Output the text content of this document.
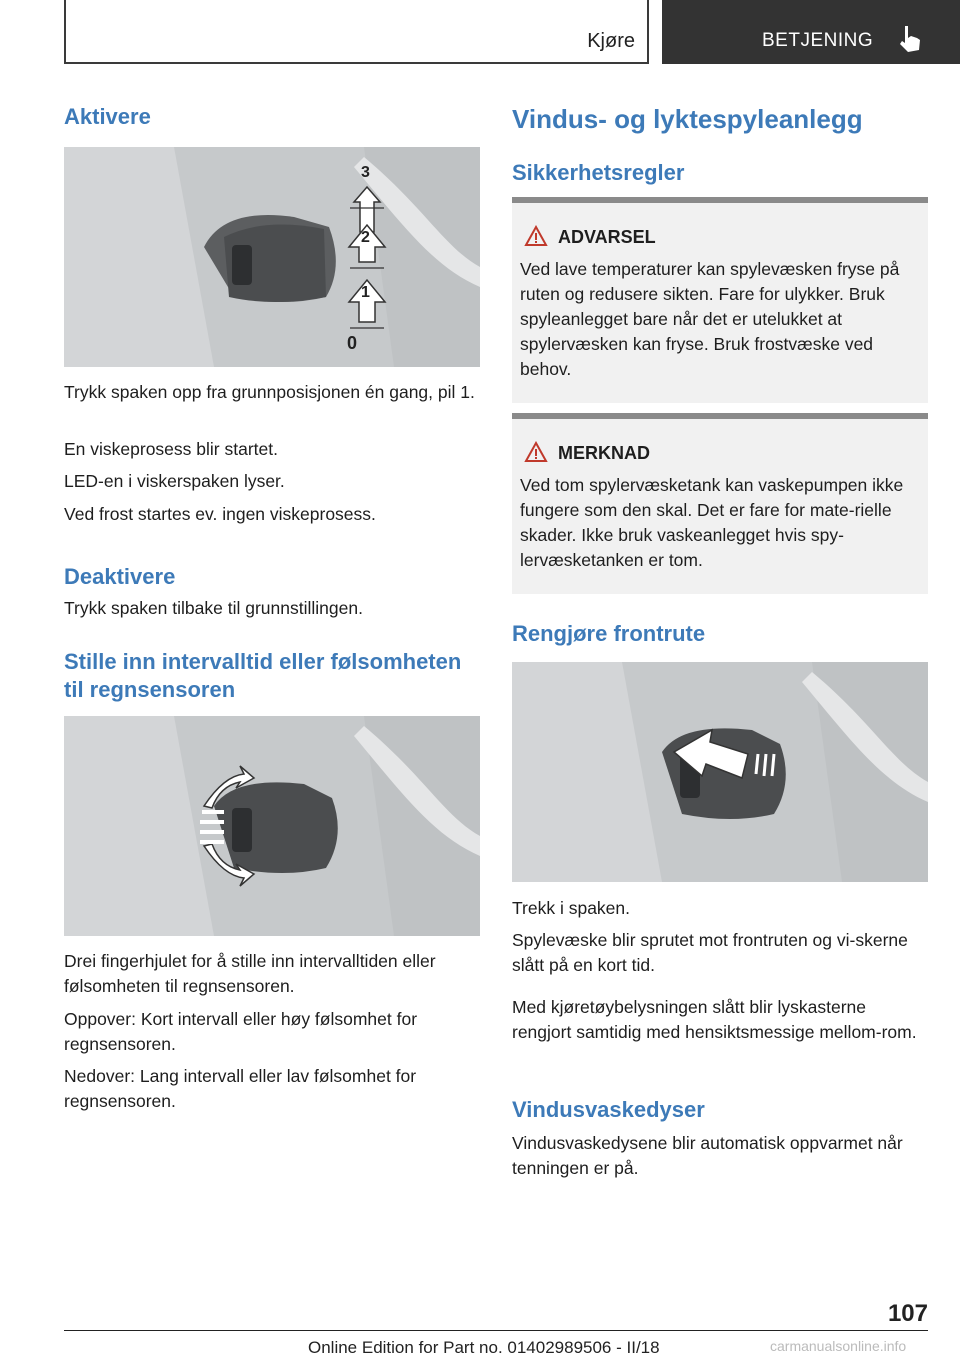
Kjøre	BETJENING
Aktivere
3
2
1
0

Trykk spaken opp fra grunnposisjonen én gang, pil 1.

En viskeprosess blir startet.

LED-en i viskerspaken lyser.

Ved frost startes ev. ingen viskeprosess.

Deaktivere

Trykk spaken tilbake til grunnstillingen.

Stille inn intervalltid eller følsomheten til regnsensoren

Drei fingerhjulet for å stille inn intervalltiden eller følsomheten til regnsensoren.

Oppover: Kort intervall eller høy følsomhet for regnsensoren.

Nedover: Lang intervall eller lav følsomhet for regnsensoren.

Vindus- og lyktespyleanlegg
Sikkerhetsregler
ADVARSEL
Ved lave temperaturer kan spylevæsken fryse på ruten og redusere sikten. Fare for ulykker. Bruk spyleanlegget bare når det er utelukket at spylervæsken kan fryse. Bruk frostvæske ved behov.
MERKNAD
Ved tom spylervæsketank kan vaskepumpen ikke fungere som den skal. Det er fare for mate-rielle skader. Ikke bruk vaskeanlegget hvis spy-lervæsketanken er tom.
Rengjøre frontrute

Trekk i spaken.

Spylevæske blir sprutet mot frontruten og vi-skerne slått på en kort tid.

Med kjøretøybelysningen slått blir lyskasterne rengjort samtidig med hensiktsmessige mellom-rom.

Vindusvaskedyser

Vindusvaskedysene blir automatisk oppvarmet når tenningen er på.

107
Online Edition for Part no. 01402989506 - II/18	carmanualsonline.info
